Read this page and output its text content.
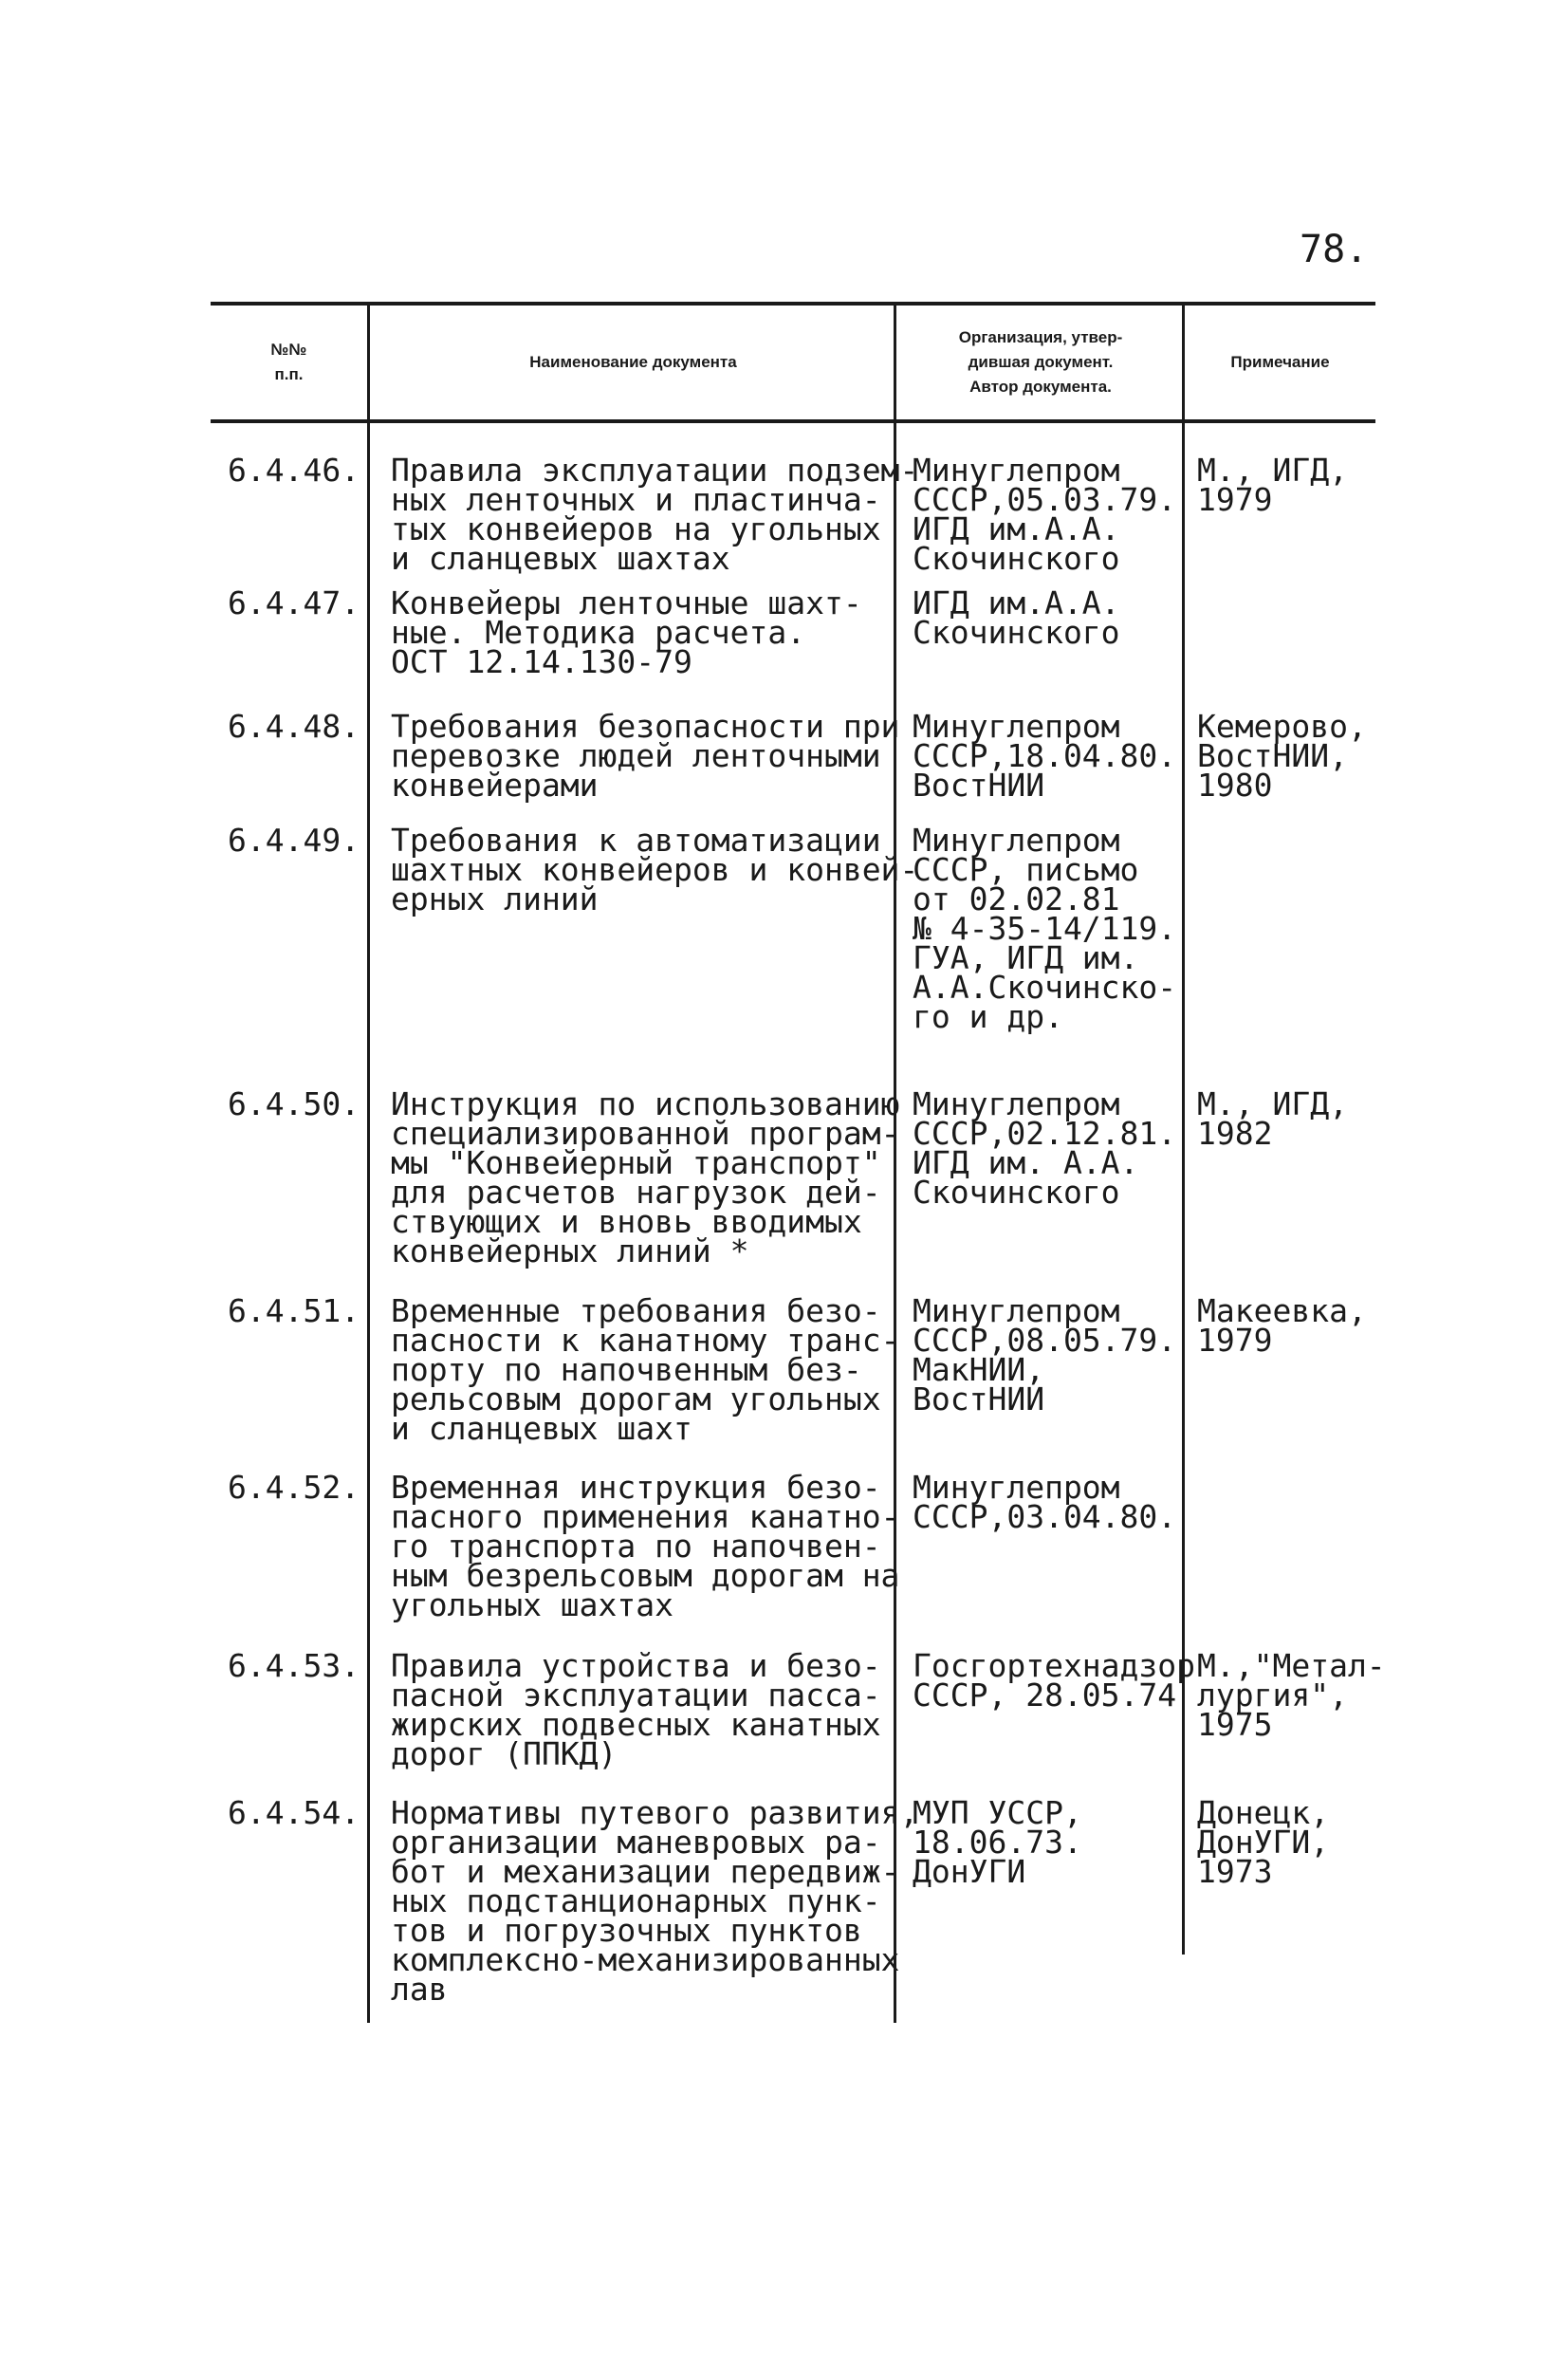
78.
№№
п.п.
Наименование документа
Организация, утвер-
дившая документ.
Автор документа.
Примечание
6.4.46. Правила эксплуатации подзем-
ных ленточных и пластинча-
тых конвейеров на угольных
и сланцевых шахтах
Минуглепром
СССР,05.03.79.
ИГД им.А.А.
Скочинского
М., ИГД,
1979
6.4.47. Конвейеры ленточные шахт-
ные. Методика расчета.
ОСТ 12.14.130-79
ИГД им.А.А.
Скочинского
6.4.48. Требования безопасности при
перевозке людей ленточными
конвейерами
Минуглепром
СССР,18.04.80.
ВостНИИ
Кемерово,
ВостНИИ,
1980
6.4.49. Требования к автоматизации
шахтных конвейеров и конвей-
ерных линий
Минуглепром
СССР, письмо
от 02.02.81
№ 4-35-14/119.
ГУА, ИГД им.
А.А.Скочинско-
го и др.
6.4.50. Инструкция по использованию
специализированной програм-
мы "Конвейерный транспорт"
для расчетов нагрузок дей-
ствующих и вновь вводимых
конвейерных линий *
Минуглепром
СССР,02.12.81.
ИГД им. А.А.
Скочинского
М., ИГД,
1982
6.4.51. Временные требования безо-
пасности к канатному транс-
порту по напочвенным без-
рельсовым дорогам угольных
и сланцевых шахт
Минуглепром
СССР,08.05.79.
МакНИИ,
ВостНИИ
Макеевка,
1979
6.4.52. Временная инструкция безо-
пасного применения канатно-
го транспорта по напочвен-
ным безрельсовым дорогам на
угольных шахтах
Минуглепром
СССР,03.04.80.
6.4.53. Правила устройства и безо-
пасной эксплуатации пасса-
жирских подвесных канатных
дорог (ППКД)
Госгортехнадзор
СССР, 28.05.74
М.,"Метал-
лургия",
1975
6.4.54. Нормативы путевого развития,
организации маневровых ра-
бот и механизации передвиж-
ных подстанционарных пунк-
тов и погрузочных пунктов
комплексно-механизированных
лав
МУП УССР,
18.06.73.
ДонУГИ
Донецк,
ДонУГИ,
1973
